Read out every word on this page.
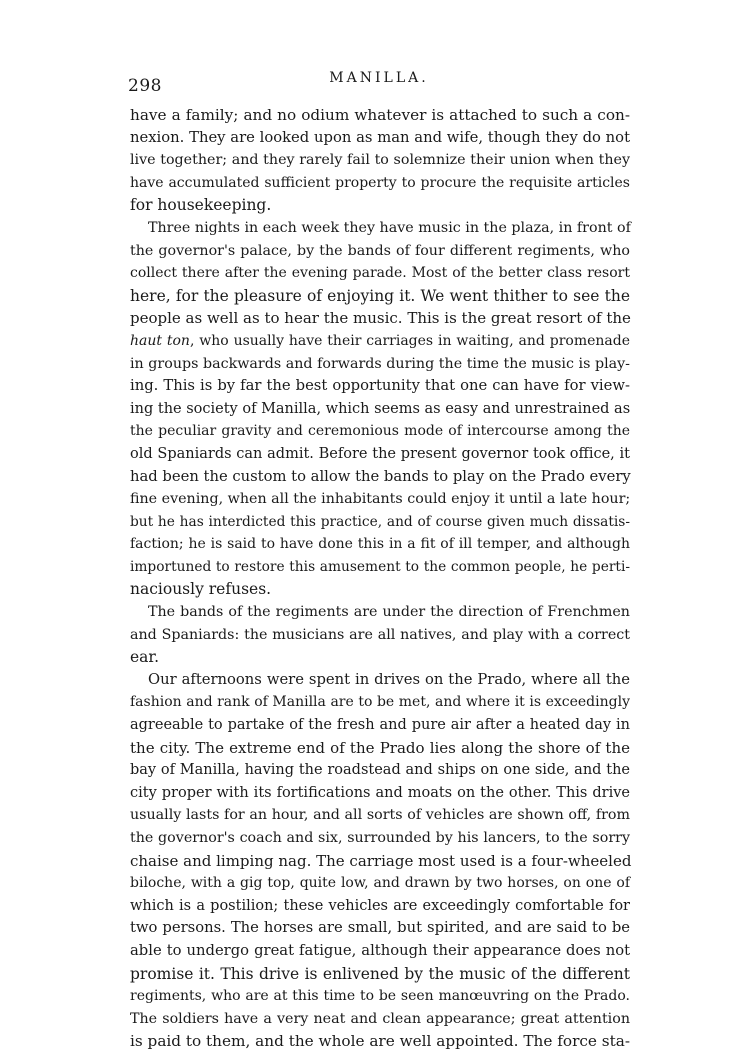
298	MANILLA.
have a family; and no odium whatever is attached to such a con-
nexion. They are looked upon as man and wife, though they do not
live together; and they rarely fail to solemnize their union when they
have accumulated sufficient property to procure the requisite articles
for housekeeping.
Three nights in each week they have music in the plaza, in front of
the governor's palace, by the bands of four different regiments, who
collect there after the evening parade. Most of the better class resort
here, for the pleasure of enjoying it. We went thither to see the
people as well as to hear the music. This is the great resort of the
haut ton, who usually have their carriages in waiting, and promenade
in groups backwards and forwards during the time the music is play-
ing. This is by far the best opportunity that one can have for view-
ing the society of Manilla, which seems as easy and unrestrained as
the peculiar gravity and ceremonious mode of intercourse among the
old Spaniards can admit. Before the present governor took office, it
had been the custom to allow the bands to play on the Prado every
fine evening, when all the inhabitants could enjoy it until a late hour;
but he has interdicted this practice, and of course given much dissatis-
faction; he is said to have done this in a fit of ill temper, and although
importuned to restore this amusement to the common people, he perti-
naciously refuses.
The bands of the regiments are under the direction of Frenchmen
and Spaniards: the musicians are all natives, and play with a correct
ear.
Our afternoons were spent in drives on the Prado, where all the
fashion and rank of Manilla are to be met, and where it is exceedingly
agreeable to partake of the fresh and pure air after a heated day in
the city. The extreme end of the Prado lies along the shore of the
bay of Manilla, having the roadstead and ships on one side, and the
city proper with its fortifications and moats on the other. This drive
usually lasts for an hour, and all sorts of vehicles are shown off, from
the governor's coach and six, surrounded by his lancers, to the sorry
chaise and limping nag. The carriage most used is a four-wheeled
biloche, with a gig top, quite low, and drawn by two horses, on one of
which is a postilion; these vehicles are exceedingly comfortable for
two persons. The horses are small, but spirited, and are said to be
able to undergo great fatigue, although their appearance does not
promise it. This drive is enlivened by the music of the different
regiments, who are at this time to be seen manœuvring on the Prado.
The soldiers have a very neat and clean appearance; great attention
is paid to them, and the whole are well appointed. The force sta-
